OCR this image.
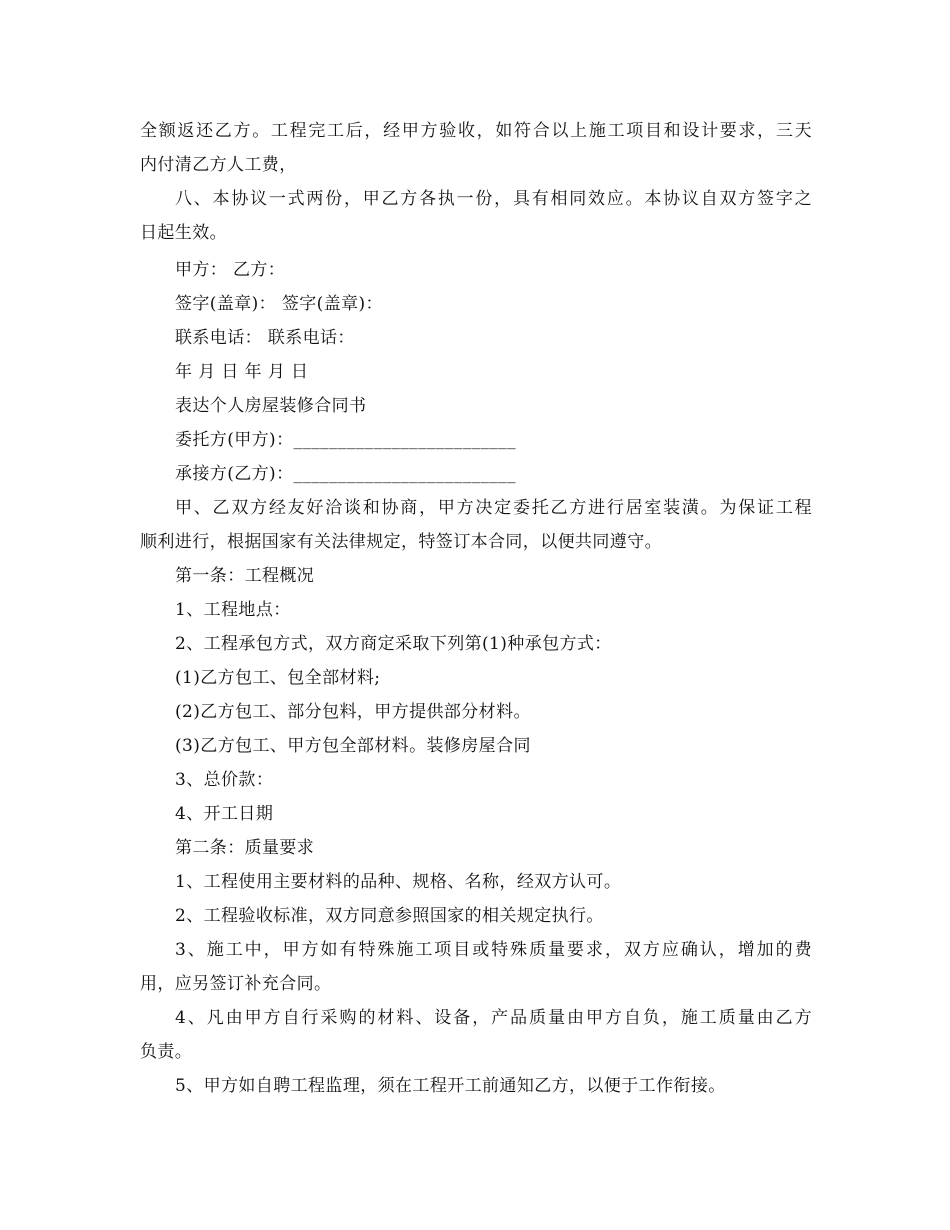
全额返还乙方。工程完工后，经甲方验收，如符合以上施工项目和设计要求，三天
内付清乙方人工费，
八、本协议一式两份，甲乙方各执一份，具有相同效应。本协议自双方签字之
日起生效。
甲方： 乙方：
签字(盖章)： 签字(盖章)：
联系电话： 联系电话：
年 月 日 年 月 日
表达个人房屋装修合同书
委托方(甲方)：_________________________
承接方(乙方)：_________________________
甲、乙双方经友好洽谈和协商，甲方决定委托乙方进行居室装潢。为保证工程
顺利进行，根据国家有关法律规定，特签订本合同，以便共同遵守。
第一条：工程概况
1、工程地点：
2、工程承包方式，双方商定采取下列第(1)种承包方式：
(1)乙方包工、包全部材料;
(2)乙方包工、部分包料，甲方提供部分材料。
(3)乙方包工、甲方包全部材料。装修房屋合同
3、总价款：
4、开工日期
第二条：质量要求
1、工程使用主要材料的品种、规格、名称，经双方认可。
2、工程验收标准，双方同意参照国家的相关规定执行。
3、施工中，甲方如有特殊施工项目或特殊质量要求，双方应确认，增加的费
用，应另签订补充合同。
4、凡由甲方自行采购的材料、设备，产品质量由甲方自负，施工质量由乙方
负责。
5、甲方如自聘工程监理，须在工程开工前通知乙方，以便于工作衔接。
